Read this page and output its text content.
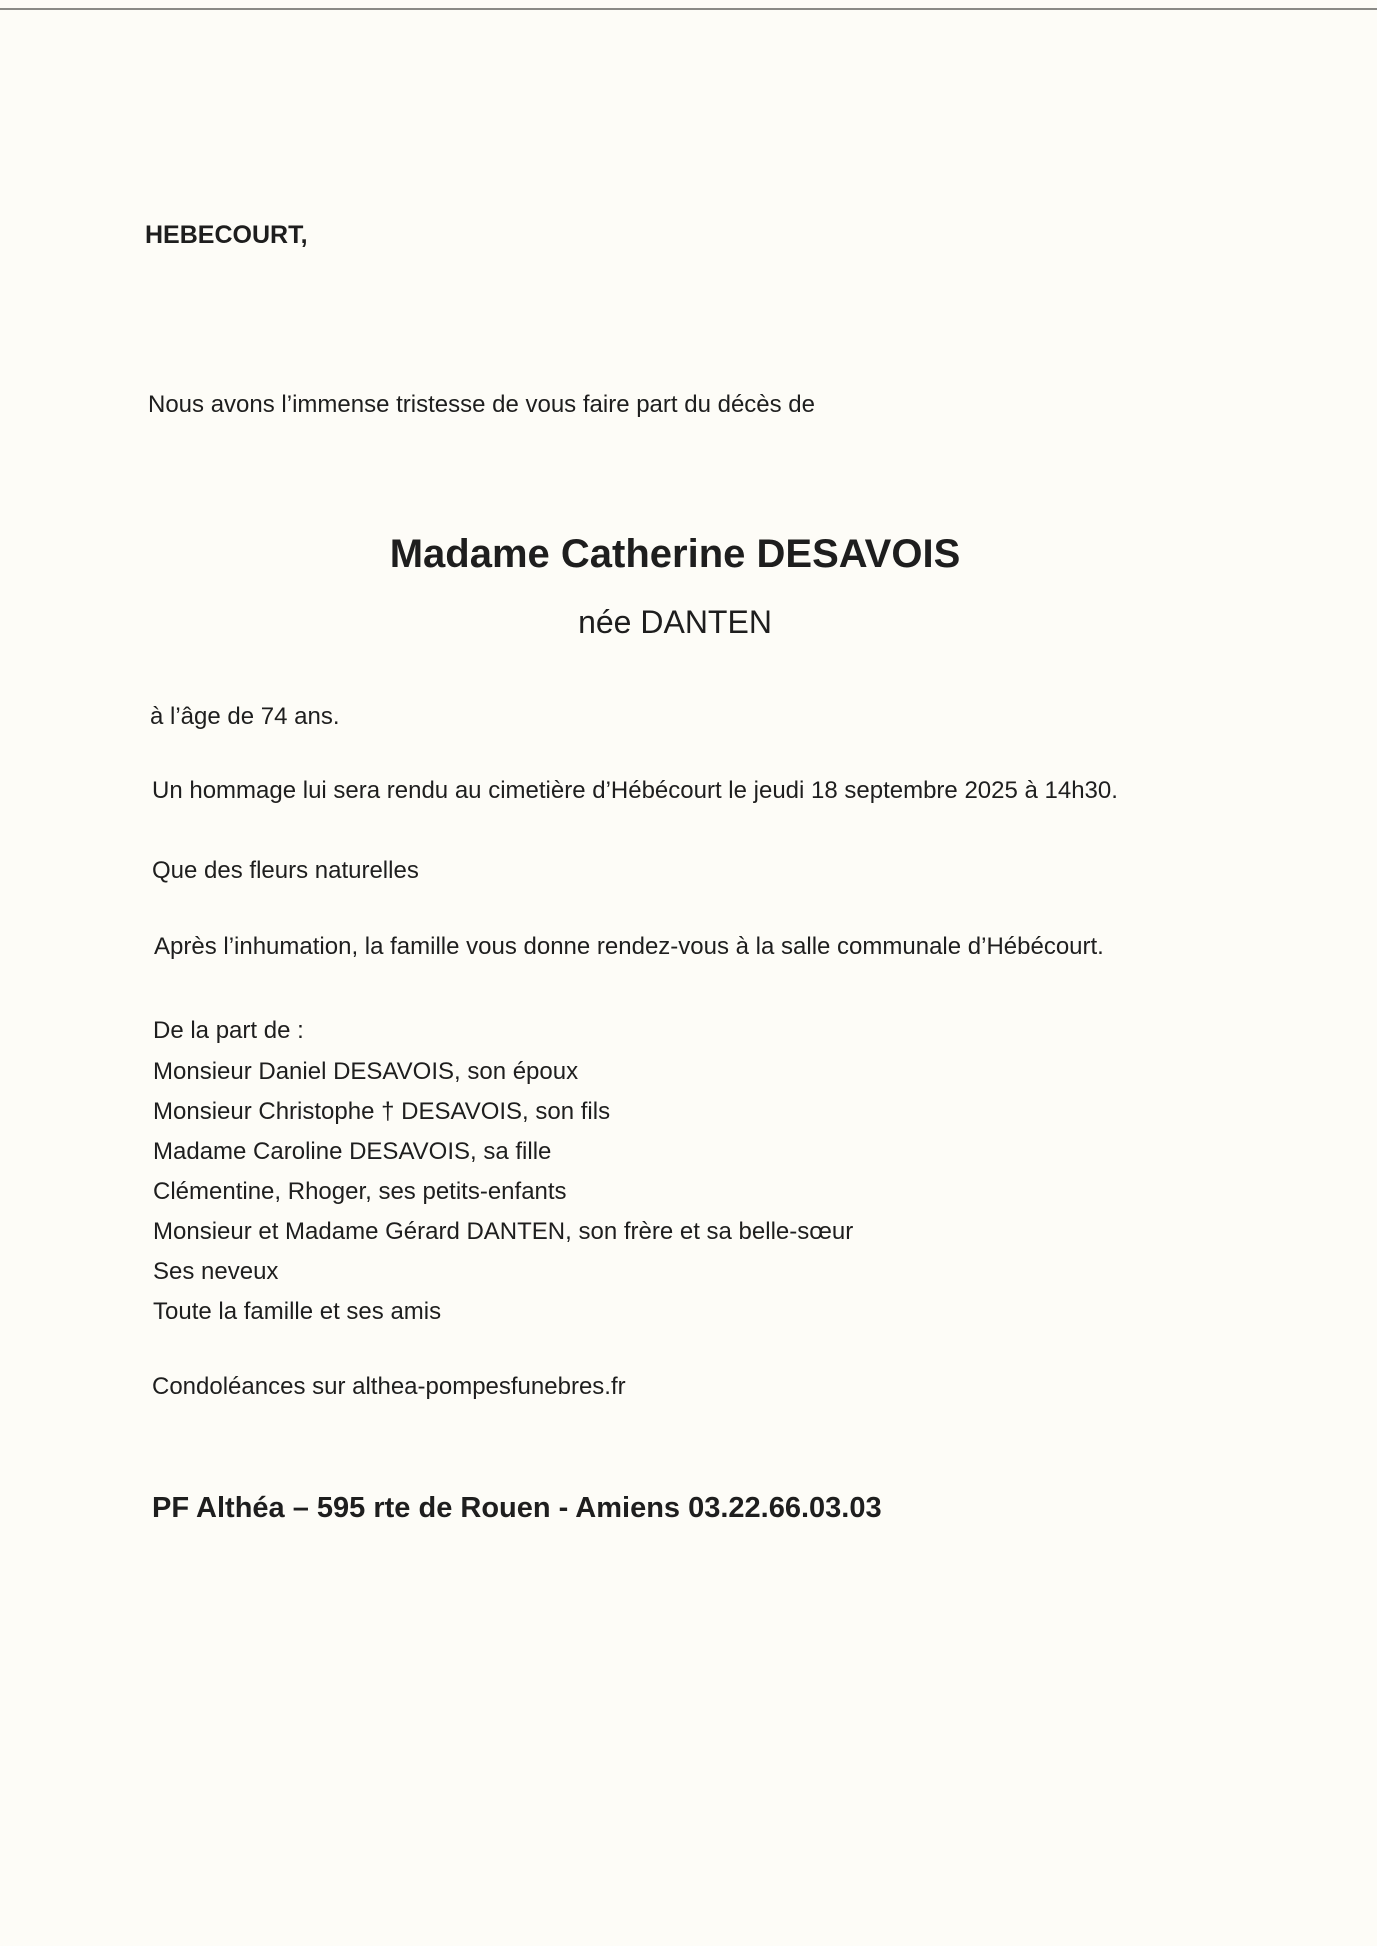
HEBECOURT,
Nous avons l’immense tristesse de vous faire part du décès de
Madame Catherine DESAVOIS
née DANTEN
à l’âge de 74 ans.
Un hommage lui sera rendu au cimetière d’Hébécourt le jeudi 18 septembre 2025 à 14h30.
Que des fleurs naturelles
Après l’inhumation, la famille vous donne rendez-vous à la salle communale d’Hébécourt.
De la part de :
Monsieur Daniel DESAVOIS, son époux
Monsieur Christophe † DESAVOIS, son fils
Madame Caroline DESAVOIS, sa fille
Clémentine, Rhoger, ses petits-enfants
Monsieur et Madame Gérard DANTEN, son frère et sa belle-sœur
Ses neveux
Toute la famille et ses amis
Condoléances sur althea-pompesfunebres.fr
PF Althéa – 595 rte de Rouen - Amiens 03.22.66.03.03
